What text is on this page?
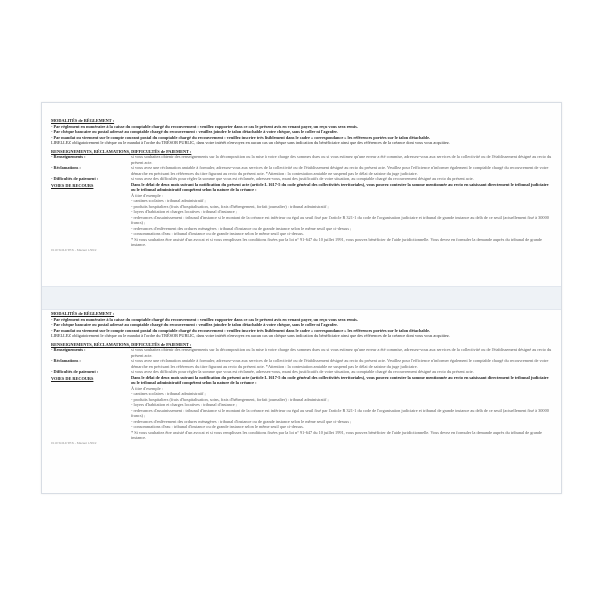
MODALITÉS de RÈGLEMENT :
- Par règlement en numéraire à la caisse du comptable chargé du recouvrement : veuillez rapporter dans ce cas le présent avis en venant payer, un reçu vous sera remis.
- Par chèque bancaire ou postal adressé au comptable chargé du recouvrement : veuillez joindre le talon détachable à votre chèque, sans le coller ni l'agrafer.
- Par mandat ou virement sur le compte courant postal du comptable chargé du recouvrement : veuillez inscrire très lisiblement dans le cadre « correspondance » les références portées sur le talon détachable.
LIBELLEZ obligatoirement le chèque ou le mandat à l'ordre du TRÉSOR PUBLIC, dans votre intérêt n'envoyez en aucun cas un chèque sans indication du bénéficiaire ainsi que des références de la créance dont vous vous acquittez.
RENSEIGNEMENTS, RÉCLAMATIONS, DIFFICULTÉS de PAIEMENT :
- Renseignements :	si vous souhaitez obtenir des renseignements sur la décomposition ou la mise à votre charge des sommes dues ou si vous estimez qu'une erreur a été commise, adressez-vous aux services de la collectivité ou de l'établissement désigné au recto du présent acte.
- Réclamations :	si vous avez une réclamation amiable à formuler, adressez-vous aux services de la collectivité ou de l'établissement désigné au recto du présent acte. Veuillez pour l'efficience n'informer également le comptable chargé du recouvrement de votre démarche en précisant les références du titre figurant au recto du présent acte. *Attention : la contestation amiable ne suspend pas le délai de saisine du juge judiciaire.
- Difficultés de paiement :	si vous avez des difficultés pour régler la somme que vous est réclamée, adressez-vous, muni des justificatifs de votre situation, au comptable chargé du recouvrement désigné au recto du présent acte.
VOIES DE RECOURS	Dans le délai de deux mois suivant la notification du présent acte (article L 1617-5 du code général des collectivités territoriales), vous pouvez contester la somme mentionnée au recto en saisissant directement le tribunal judiciaire ou le tribunal administratif compétent selon la nature de la créance :
À titre d'exemple :
- cantines scolaires : tribunal administratif ;
- produits hospitaliers (frais d'hospitalisation, soins, frais d'hébergement, forfait journalier) : tribunal administratif ;
- loyers d'habitation et charges locatives : tribunal d'instance ;
- redevances d'assainissement : tribunal d'instance si le montant de la créance est inférieur ou égal au seuil fixé par l'article R 321-1 du code de l'organisation judiciaire et tribunal de grande instance au delà de ce seuil (actuellement fixé à 30000 francs) ;
- redevances d'enlèvement des ordures ménagères : tribunal d'instance ou de grande instance selon le même seuil que ci-dessus ;
- consommations d'eau : tribunal d'instance ou de grande instance selon le même seuil que ci-dessus.
* Si vous souhaitez être assisté d'un avocat et si vous remplissez les conditions fixées par la loi n° 91-647 du 10 juillet 1991, vous pouvez bénéficier de l'aide juridictionnelle. Vous devez en formuler la demande auprès du tribunal de grande instance.
0110 SOLUTEX - Mazuet 1/99/2
MODALITÉS de RÈGLEMENT :
- Par règlement en numéraire à la caisse du comptable chargé du recouvrement : veuillez rapporter dans ce cas le présent avis en venant payer, un reçu vous sera remis.
- Par chèque bancaire ou postal adressé au comptable chargé du recouvrement : veuillez joindre le talon détachable à votre chèque, sans le coller ni l'agrafer.
- Par mandat ou virement sur le compte courant postal du comptable chargé du recouvrement : veuillez inscrire très lisiblement dans le cadre « correspondance » les références portées sur le talon détachable.
LIBELLEZ obligatoirement le chèque ou le mandat à l'ordre du TRÉSOR PUBLIC, dans votre intérêt n'envoyez en aucun cas un chèque sans indication du bénéficiaire ainsi que des références de la créance dont vous vous acquittez.
RENSEIGNEMENTS, RÉCLAMATIONS, DIFFICULTÉS de PAIEMENT :
- Renseignements :	si vous souhaitez obtenir des renseignements sur la décomposition ou la mise à votre charge des sommes dues ou si vous estimez qu'une erreur a été commise, adressez-vous aux services de la collectivité ou de l'établissement désigné au recto du présent acte.
- Réclamations :	si vous avez une réclamation amiable à formuler, adressez-vous aux services de la collectivité ou de l'établissement désigné au recto du présent acte. Veuillez pour l'efficience n'informer également le comptable chargé du recouvrement de votre démarche en précisant les références du titre figurant au recto du présent acte. *Attention : la contestation amiable ne suspend pas le délai de saisine du juge judiciaire.
- Difficultés de paiement :	si vous avez des difficultés pour régler la somme que vous est réclamée, adressez-vous, muni des justificatifs de votre situation, au comptable chargé du recouvrement désigné au recto du présent acte.
VOIES DE RECOURS	Dans le délai de deux mois suivant la notification du présent acte (article L 1617-5 du code général des collectivités territoriales), vous pouvez contester la somme mentionnée au recto en saisissant directement le tribunal judiciaire ou le tribunal administratif compétent selon la nature de la créance :
À titre d'exemple :
- cantines scolaires : tribunal administratif ;
- produits hospitaliers (frais d'hospitalisation, soins, frais d'hébergement, forfait journalier) : tribunal administratif ;
- loyers d'habitation et charges locatives : tribunal d'instance ;
- redevances d'assainissement : tribunal d'instance si le montant de la créance est inférieur ou égal au seuil fixé par l'article R 321-1 du code de l'organisation judiciaire et tribunal de grande instance au delà de ce seuil (actuellement fixé à 30000 francs) ;
- redevances d'enlèvement des ordures ménagères : tribunal d'instance ou de grande instance selon le même seuil que ci-dessus ;
- consommations d'eau : tribunal d'instance ou de grande instance selon le même seuil que ci-dessus.
* Si vous souhaitez être assisté d'un avocat et si vous remplissez les conditions fixées par la loi n° 91-647 du 10 juillet 1991, vous pouvez bénéficier de l'aide juridictionnelle. Vous devez en formuler la demande auprès du tribunal de grande instance.
0110 SOLUTEX - Mazuet 1/99/2
